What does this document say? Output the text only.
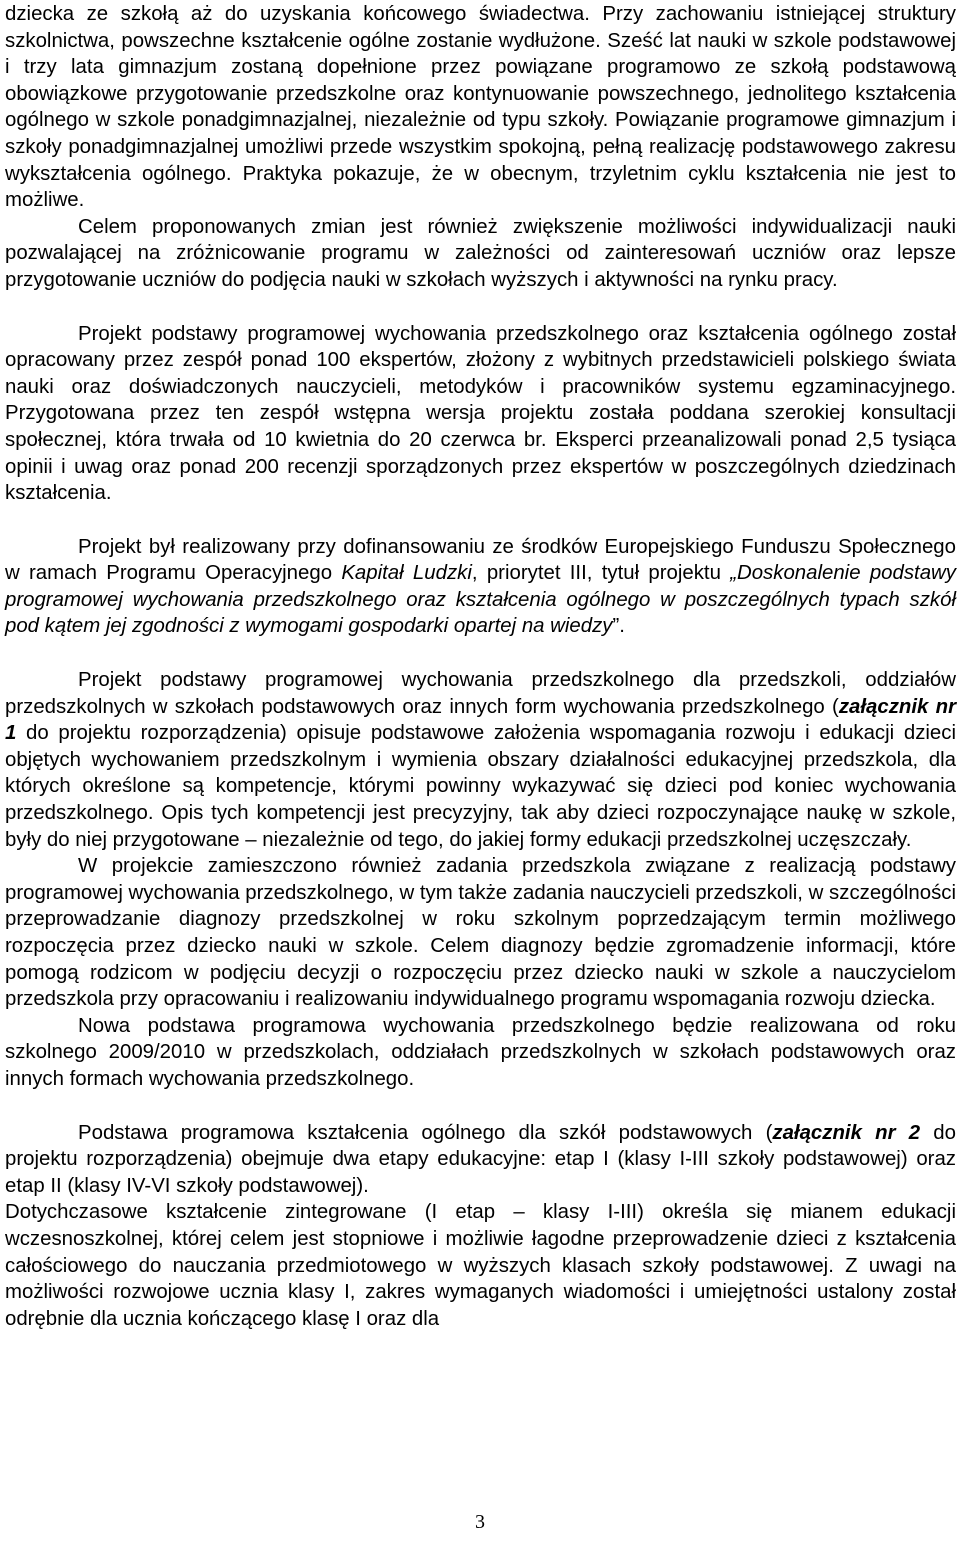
dziecka ze szkołą aż do uzyskania końcowego świadectwa. Przy zachowaniu istniejącej struktury szkolnictwa, powszechne kształcenie ogólne zostanie wydłużone. Sześć lat nauki w szkole podstawowej i trzy lata gimnazjum zostaną dopełnione przez powiązane programowo ze szkołą podstawową obowiązkowe przygotowanie przedszkolne oraz kontynuowanie powszechnego, jednolitego kształcenia ogólnego w szkole ponadgimnazjalnej, niezależnie od typu szkoły. Powiązanie programowe gimnazjum i szkoły ponadgimnazjalnej umożliwi przede wszystkim spokojną, pełną realizację podstawowego zakresu wykształcenia ogólnego. Praktyka pokazuje, że w obecnym, trzyletnim cyklu kształcenia nie jest to możliwe.

Celem proponowanych zmian jest również zwiększenie możliwości indywidualizacji nauki pozwalającej na zróżnicowanie programu w zależności od zainteresowań uczniów oraz lepsze przygotowanie uczniów do podjęcia nauki w szkołach wyższych i aktywności na rynku pracy.

Projekt podstawy programowej wychowania przedszkolnego oraz kształcenia ogólnego został opracowany przez zespół ponad 100 ekspertów, złożony z wybitnych przedstawicieli polskiego świata nauki oraz doświadczonych nauczycieli, metodyków i pracowników systemu egzaminacyjnego. Przygotowana przez ten zespół wstępna wersja projektu została poddana szerokiej konsultacji społecznej, która trwała od 10 kwietnia do 20 czerwca br. Eksperci przeanalizowali ponad 2,5 tysiąca opinii i uwag oraz ponad 200 recenzji sporządzonych przez ekspertów w poszczególnych dziedzinach kształcenia.

Projekt był realizowany przy dofinansowaniu ze środków Europejskiego Funduszu Społecznego w ramach Programu Operacyjnego Kapitał Ludzki, priorytet III, tytuł projektu „Doskonalenie podstawy programowej wychowania przedszkolnego oraz kształcenia ogólnego w poszczególnych typach szkół pod kątem jej zgodności z wymogami gospodarki opartej na wiedzy”.

Projekt podstawy programowej wychowania przedszkolnego dla przedszkoli, oddziałów przedszkolnych w szkołach podstawowych oraz innych form wychowania przedszkolnego (załącznik nr 1 do projektu rozporządzenia) opisuje podstawowe założenia wspomagania rozwoju i edukacji dzieci objętych wychowaniem przedszkolnym i wymienia obszary działalności edukacyjnej przedszkola, dla których określone są kompetencje, którymi powinny wykazywać się dzieci pod koniec wychowania przedszkolnego. Opis tych kompetencji jest precyzyjny, tak aby dzieci rozpoczynające naukę w szkole, były do niej przygotowane – niezależnie od tego, do jakiej formy edukacji przedszkolnej uczęszczały.

W projekcie zamieszczono również zadania przedszkola związane z realizacją podstawy programowej wychowania przedszkolnego, w tym także zadania nauczycieli przedszkoli, w szczególności przeprowadzanie diagnozy przedszkolnej w roku szkolnym poprzedzającym termin możliwego rozpoczęcia przez dziecko nauki w szkole. Celem diagnozy będzie zgromadzenie informacji, które pomogą rodzicom w podjęciu decyzji o rozpoczęciu przez dziecko nauki w szkole a nauczycielom przedszkola przy opracowaniu i realizowaniu indywidualnego programu wspomagania rozwoju dziecka.

Nowa podstawa programowa wychowania przedszkolnego będzie realizowana od roku szkolnego 2009/2010 w przedszkolach, oddziałach przedszkolnych w szkołach podstawowych oraz innych formach wychowania przedszkolnego.

Podstawa programowa kształcenia ogólnego dla szkół podstawowych (załącznik nr 2 do projektu rozporządzenia) obejmuje dwa etapy edukacyjne: etap I (klasy I-III szkoły podstawowej) oraz etap II (klasy IV-VI szkoły podstawowej).

Dotychczasowe kształcenie zintegrowane (I etap – klasy I-III) określa się mianem edukacji wczesnoszkolnej, której celem jest stopniowe i możliwie łagodne przeprowadzenie dzieci z kształcenia całościowego do nauczania przedmiotowego w wyższych klasach szkoły podstawowej. Z uwagi na możliwości rozwojowe ucznia klasy I, zakres wymaganych wiadomości i umiejętności ustalony został odrębnie dla ucznia kończącego klasę I oraz dla

3
